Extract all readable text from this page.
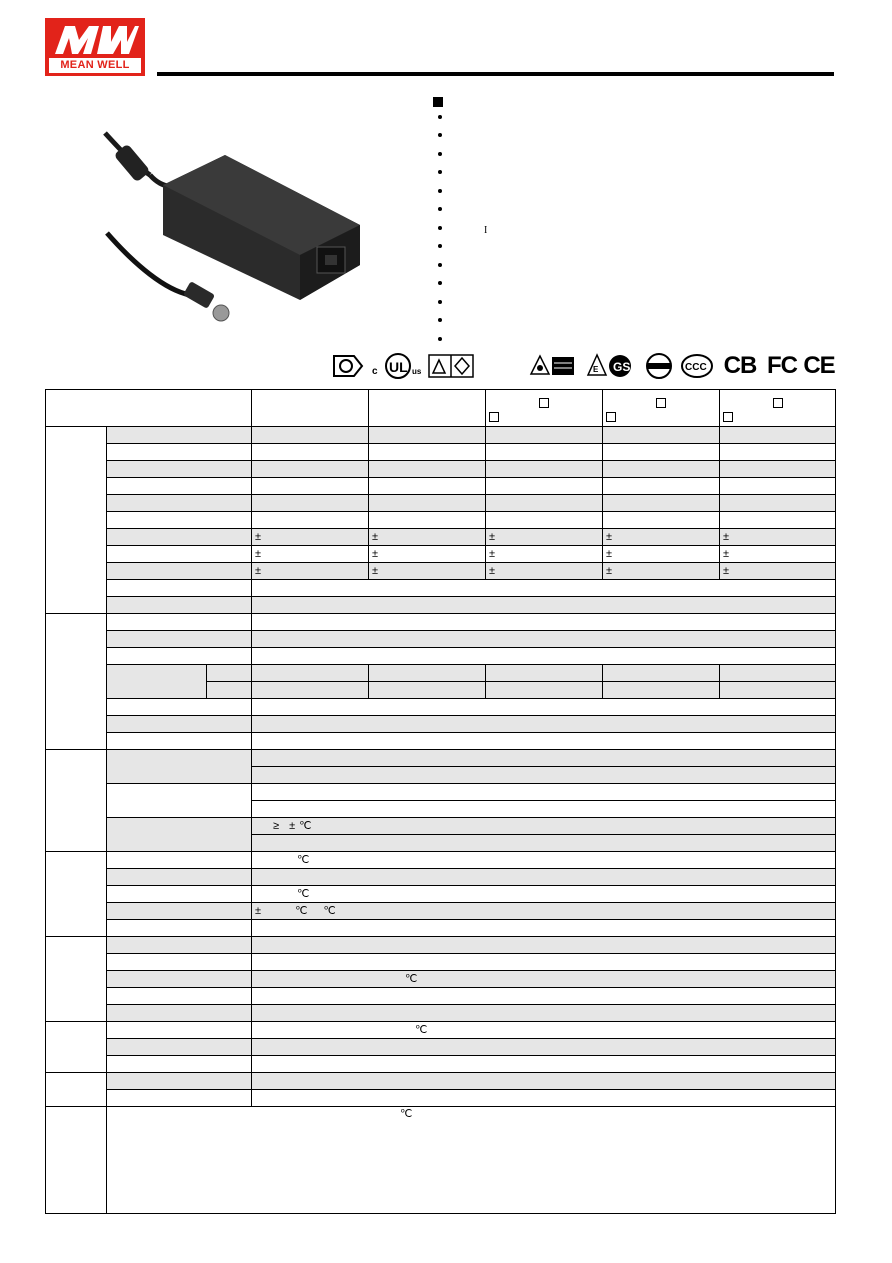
MEAN WELL
I
c UL us	E GS	CCC CB FC CE

			±	±	±	±	±
			±	±	±	±	±
			±	±	±	±	±

			≥ ± ℃				

			℃				

			℃				
			± ℃ ℃				

			℃				

			℃				

	℃						
